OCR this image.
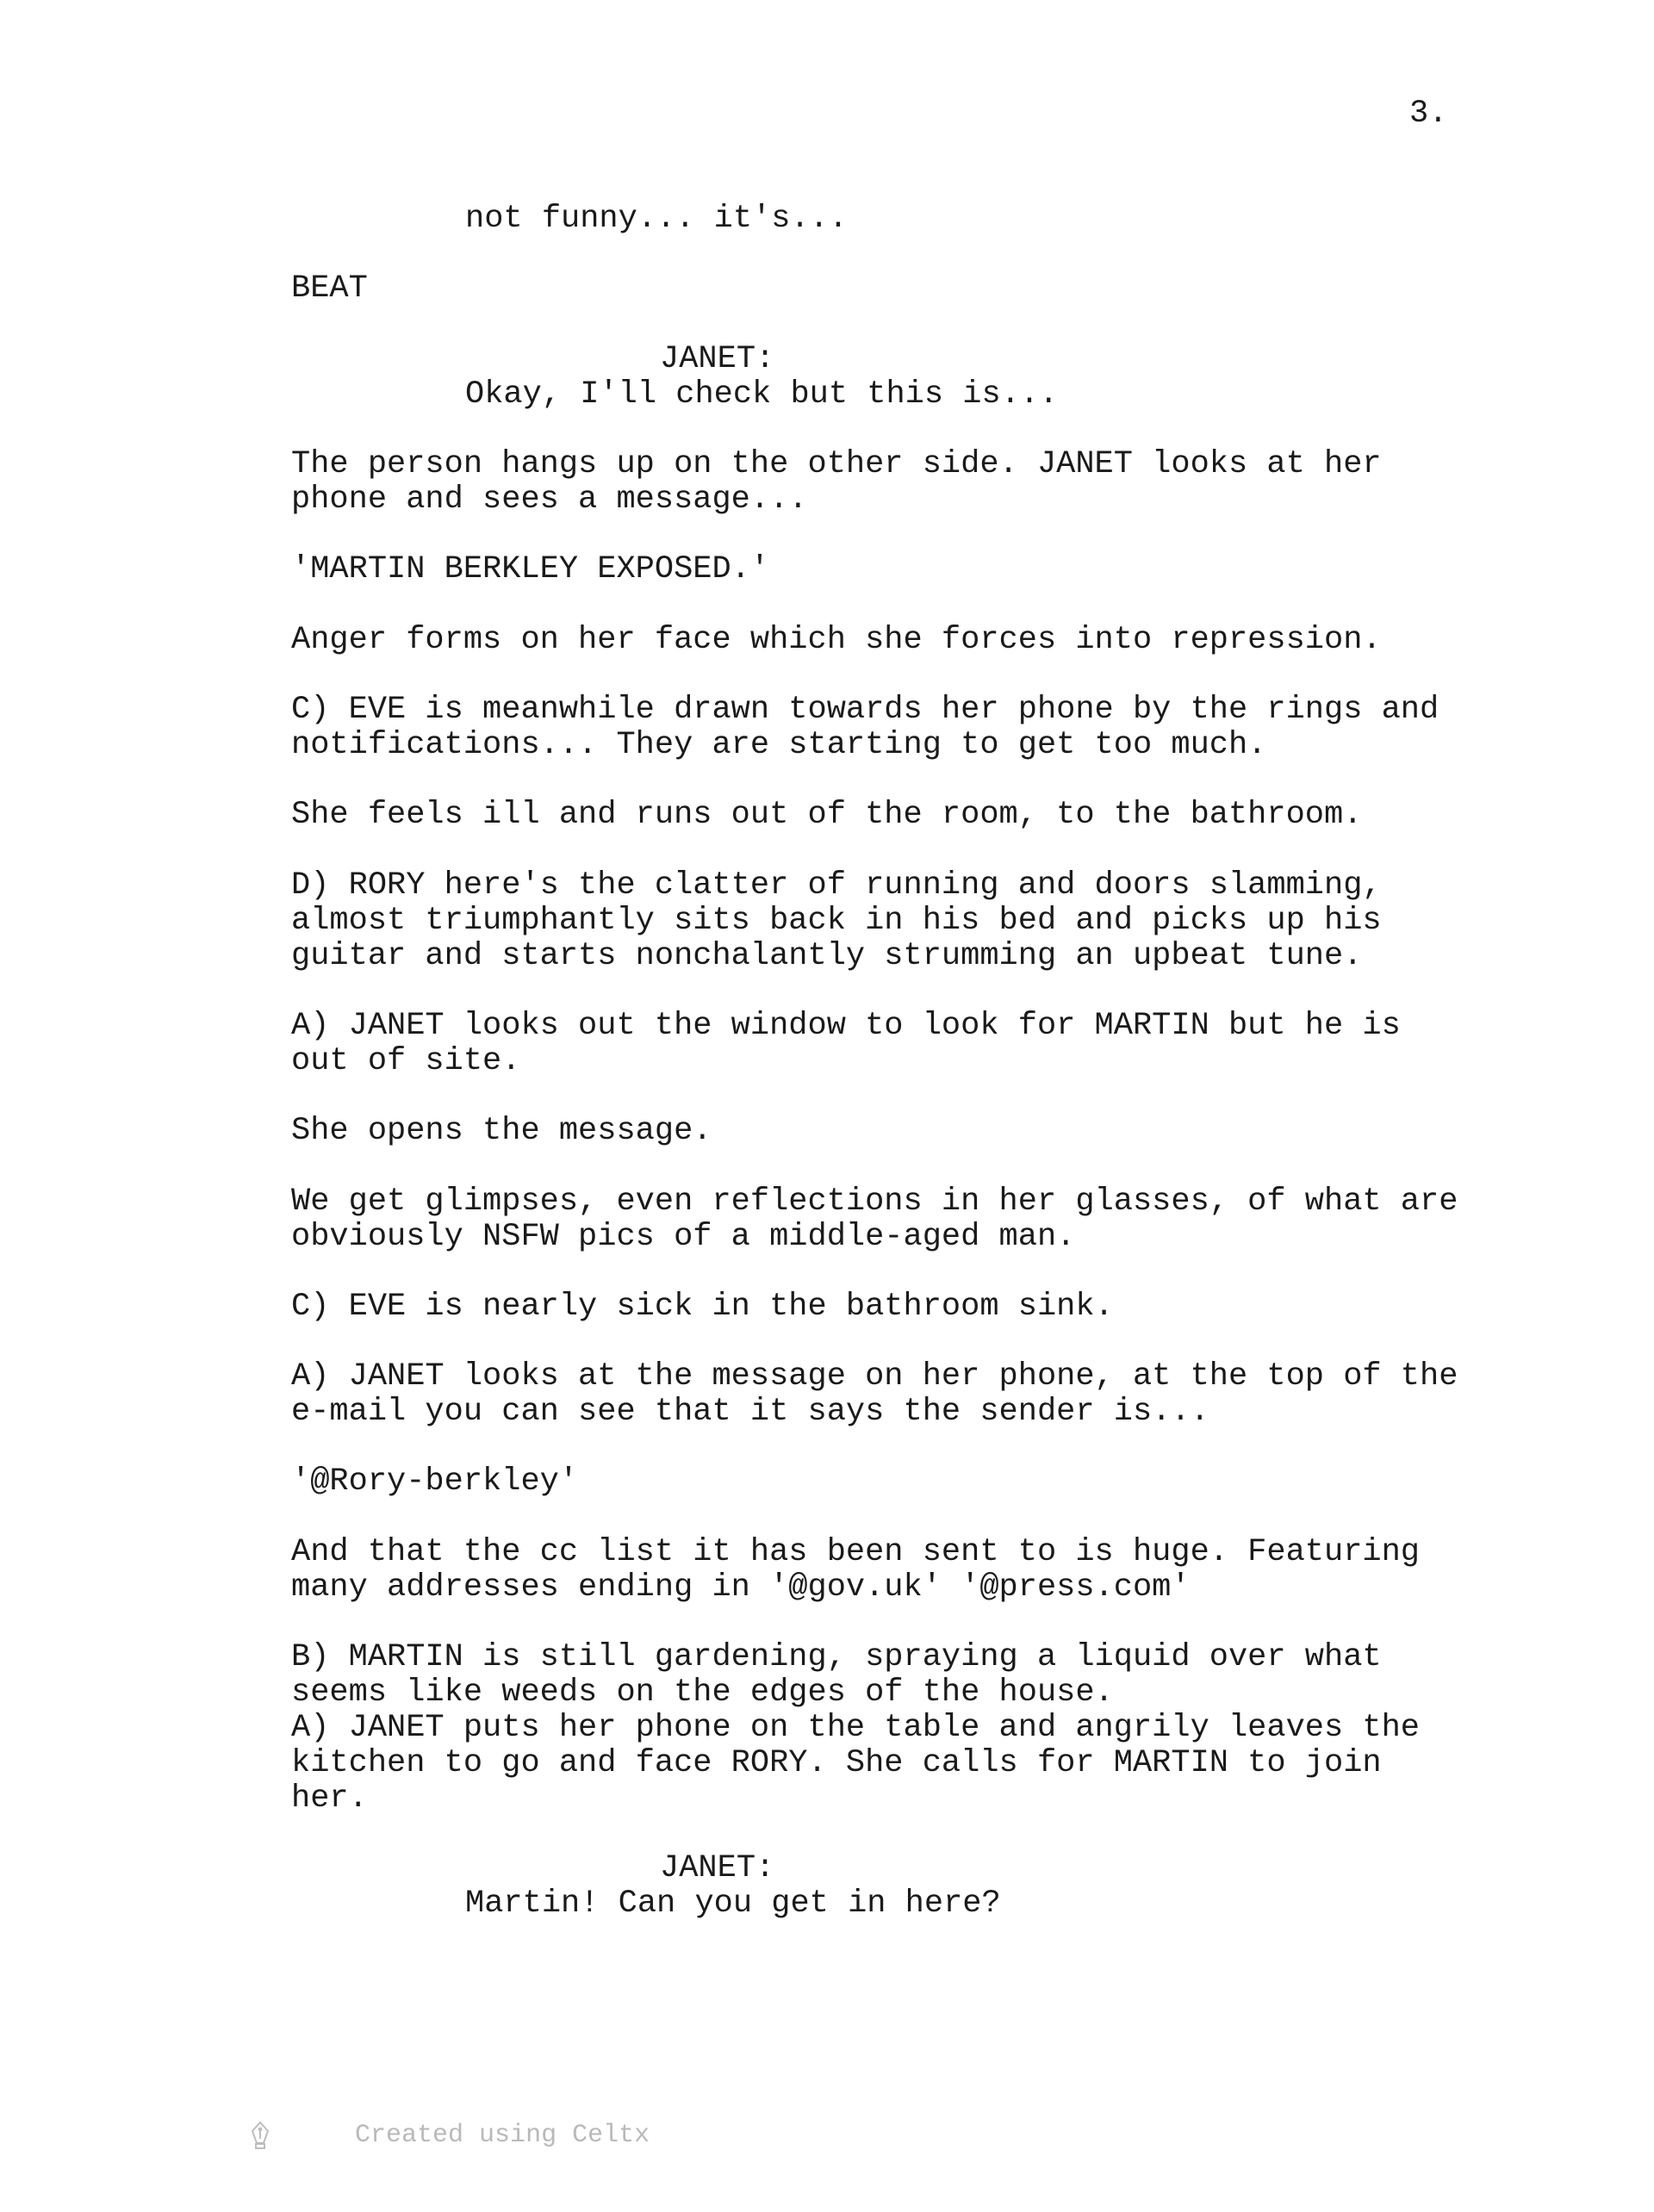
3.
not funny... it's...
BEAT
JANET:
Okay, I'll check but this is...
The person hangs up on the other side. JANET looks at her
phone and sees a message...
'MARTIN BERKLEY EXPOSED.'
Anger forms on her face which she forces into repression.
C) EVE is meanwhile drawn towards her phone by the rings and
notifications... They are starting to get too much.
She feels ill and runs out of the room, to the bathroom.
D) RORY here's the clatter of running and doors slamming,
almost triumphantly sits back in his bed and picks up his
guitar and starts nonchalantly strumming an upbeat tune.
A) JANET looks out the window to look for MARTIN but he is
out of site.
She opens the message.
We get glimpses, even reflections in her glasses, of what are
obviously NSFW pics of a middle-aged man.
C) EVE is nearly sick in the bathroom sink.
A) JANET looks at the message on her phone, at the top of the
e-mail you can see that it says the sender is...
'@Rory-berkley'
And that the cc list it has been sent to is huge. Featuring
many addresses ending in '@gov.uk' '@press.com'
B) MARTIN is still gardening, spraying a liquid over what
seems like weeds on the edges of the house.
A) JANET puts her phone on the table and angrily leaves the
kitchen to go and face RORY. She calls for MARTIN to join
her.
JANET:
Martin! Can you get in here?

Created using Celtx
